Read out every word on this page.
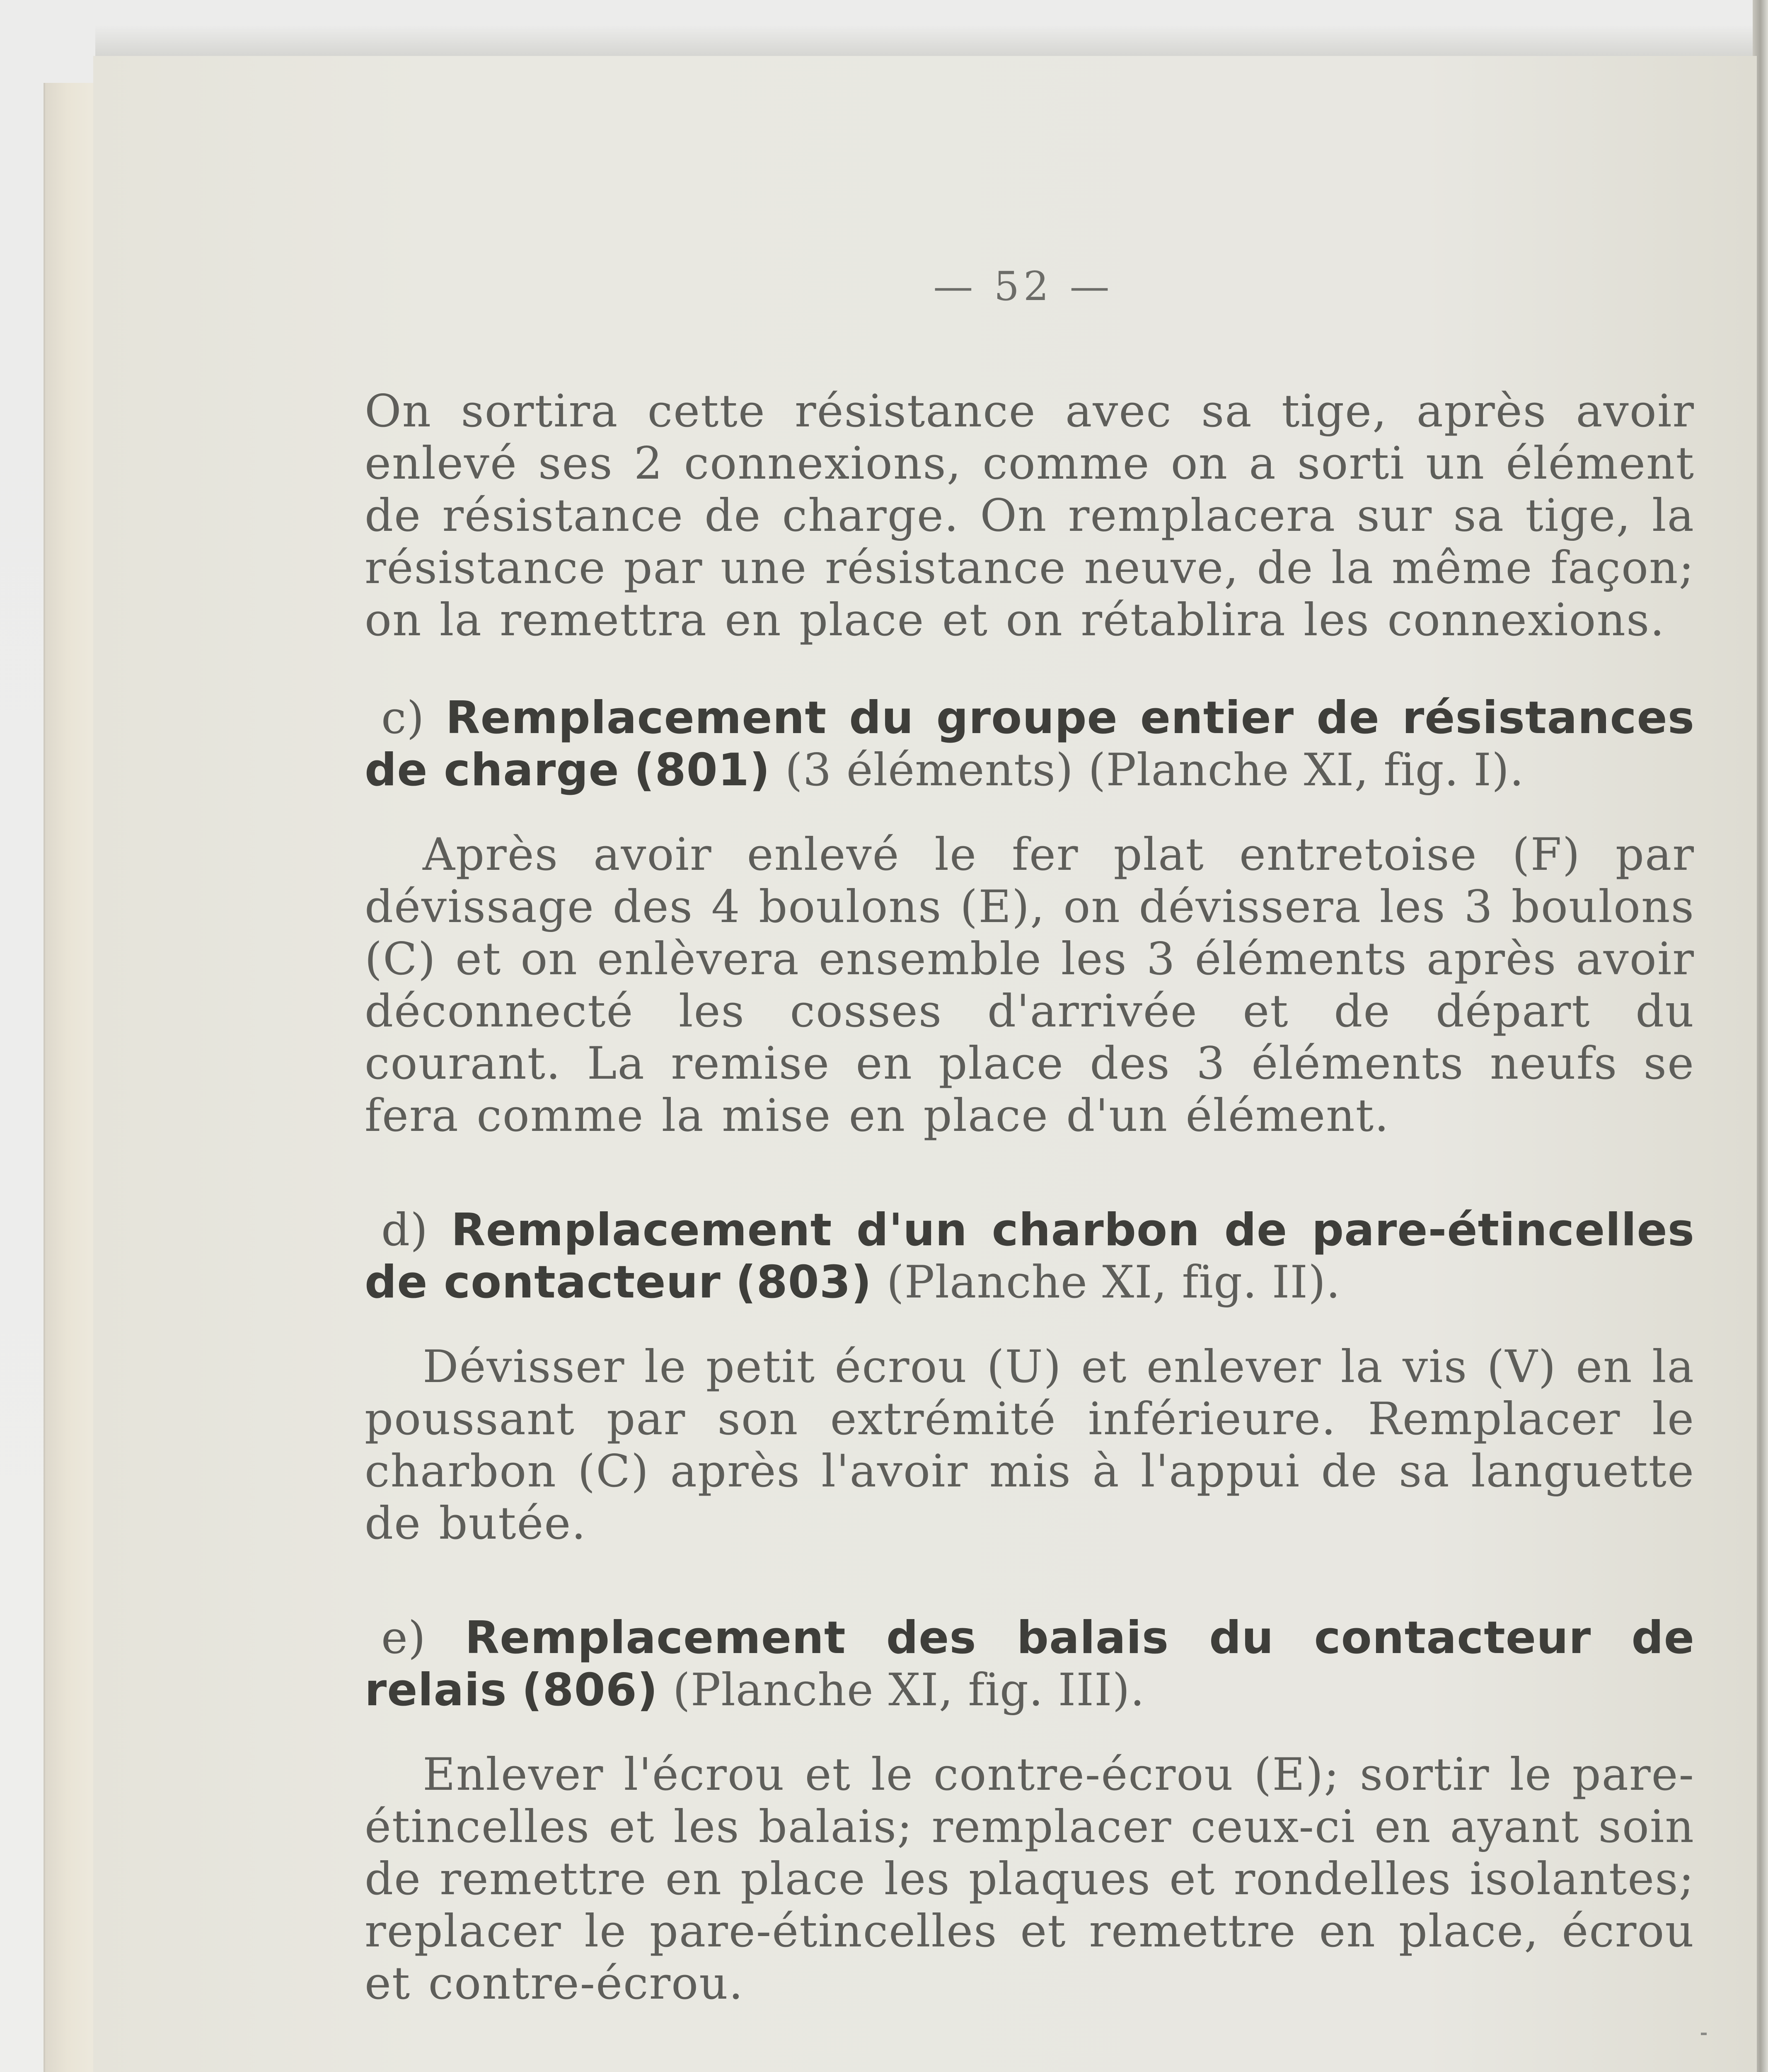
— 52 —

On sortira cette résistance avec sa tige, après avoir enlevé ses 2 connexions, comme on a sorti un élément de résistance de charge. On remplacera sur sa tige, la résistance par une résistance neuve, de la même façon; on la remettra en place et on rétablira les connexions.

c) Remplacement du groupe entier de résistances de charge (801) (3 éléments) (Planche XI, fig. I).

Après avoir enlevé le fer plat entretoise (F) par dévissage des 4 boulons (E), on dévissera les 3 boulons (C) et on enlèvera ensemble les 3 éléments après avoir déconnecté les cosses d'arrivée et de départ du courant. La remise en place des 3 éléments neufs se fera comme la mise en place d'un élément.

d) Remplacement d'un charbon de pare-étincelles de contacteur (803) (Planche XI, fig. II).

Dévisser le petit écrou (U) et enlever la vis (V) en la poussant par son extrémité inférieure. Remplacer le charbon (C) après l'avoir mis à l'appui de sa languette de butée.

e) Remplacement des balais du contacteur de relais (806) (Planche XI, fig. III).

Enlever l'écrou et le contre-écrou (E); sortir le pare-étincelles et les balais; remplacer ceux-ci en ayant soin de remettre en place les plaques et rondelles isolantes; replacer le pare-étincelles et remettre en place, écrou et contre-écrou.
